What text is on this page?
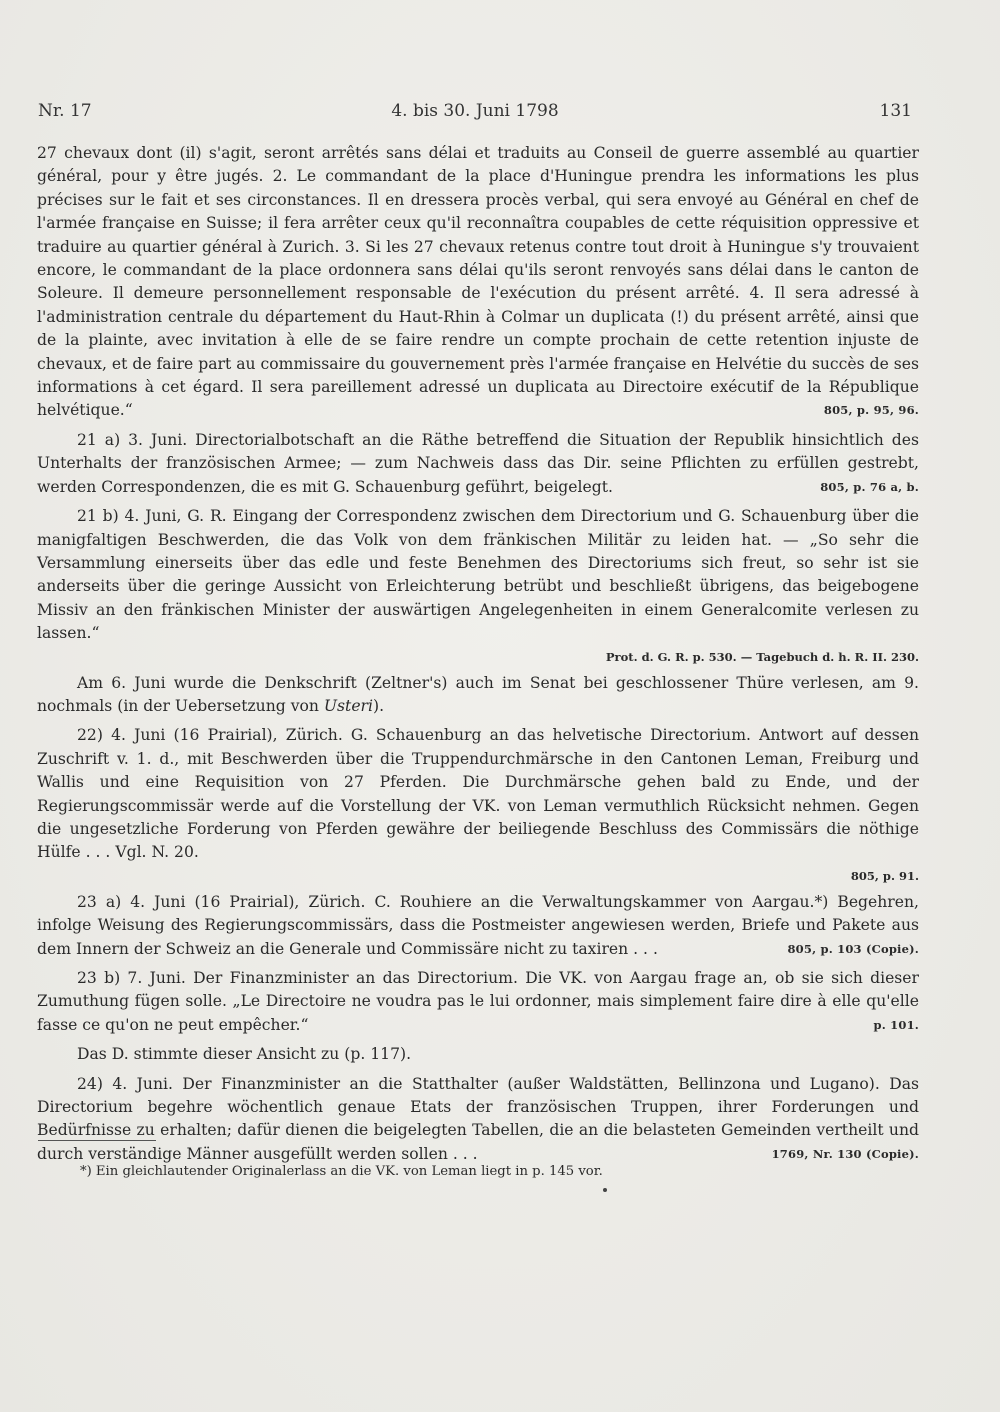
Nr. 17	4. bis 30. Juni 1798	131

27 chevaux dont (il) s'agit, seront arrêtés sans délai et traduits au Conseil de guerre assemblé au quartier général, pour y être jugés. 2. Le commandant de la place d'Huningue prendra les informations les plus précises sur le fait et ses circonstances. Il en dressera procès verbal, qui sera envoyé au Général en chef de l'armée française en Suisse; il fera arrêter ceux qu'il reconnaîtra coupables de cette réquisition oppressive et traduire au quartier général à Zurich. 3. Si les 27 chevaux retenus contre tout droit à Huningue s'y trouvaient encore, le commandant de la place ordonnera sans délai qu'ils seront renvoyés sans délai dans le canton de Soleure. Il demeure personnellement responsable de l'exécution du présent arrêté. 4. Il sera adressé à l'administration centrale du département du Haut-Rhin à Colmar un duplicata (!) du présent arrêté, ainsi que de la plainte, avec invitation à elle de se faire rendre un compte prochain de cette retention injuste de chevaux, et de faire part au commissaire du gouvernement près l'armée française en Helvétie du succès de ses informations à cet égard. Il sera pareillement adressé un duplicata au Directoire exécutif de la République helvétique.“	805, p. 95, 96.

21 a) 3. Juni. Directorialbotschaft an die Räthe betreffend die Situation der Republik hinsichtlich des Unterhalts der französischen Armee; — zum Nachweis dass das Dir. seine Pflichten zu erfüllen gestrebt, werden Correspondenzen, die es mit G. Schauenburg geführt, beigelegt.	805, p. 76 a, b.

21 b) 4. Juni, G. R. Eingang der Correspondenz zwischen dem Directorium und G. Schauenburg über die manigfaltigen Beschwerden, die das Volk von dem fränkischen Militär zu leiden hat. — „So sehr die Versammlung einerseits über das edle und feste Benehmen des Directoriums sich freut, so sehr ist sie anderseits über die geringe Aussicht von Erleichterung betrübt und beschließt übrigens, das beigebogene Missiv an den fränkischen Minister der auswärtigen Angelegenheiten in einem Generalcomite verlesen zu lassen.“

Prot. d. G. R. p. 530. — Tagebuch d. h. R. II. 230.

Am 6. Juni wurde die Denkschrift (Zeltner's) auch im Senat bei geschlossener Thüre verlesen, am 9. nochmals (in der Uebersetzung von Usteri).

22) 4. Juni (16 Prairial), Zürich. G. Schauenburg an das helvetische Directorium. Antwort auf dessen Zuschrift v. 1. d., mit Beschwerden über die Truppendurchmärsche in den Cantonen Leman, Freiburg und Wallis und eine Requisition von 27 Pferden. Die Durchmärsche gehen bald zu Ende, und der Regierungscommissär werde auf die Vorstellung der VK. von Leman vermuthlich Rücksicht nehmen. Gegen die ungesetzliche Forderung von Pferden gewähre der beiliegende Beschluss des Commissärs die nöthige Hülfe . . . Vgl. N. 20.

805, p. 91.

23 a) 4. Juni (16 Prairial), Zürich. C. Rouhiere an die Verwaltungskammer von Aargau.*) Begehren, infolge Weisung des Regierungscommissärs, dass die Postmeister angewiesen werden, Briefe und Pakete aus dem Innern der Schweiz an die Generale und Commissäre nicht zu taxiren . . .	805, p. 103 (Copie).

23 b) 7. Juni. Der Finanzminister an das Directorium. Die VK. von Aargau frage an, ob sie sich dieser Zumuthung fügen solle. „Le Directoire ne voudra pas le lui ordonner, mais simplement faire dire à elle qu'elle fasse ce qu'on ne peut empêcher.“	p. 101.

Das D. stimmte dieser Ansicht zu (p. 117).

24) 4. Juni. Der Finanzminister an die Statthalter (außer Waldstätten, Bellinzona und Lugano). Das Directorium begehre wöchentlich genaue Etats der französischen Truppen, ihrer Forderungen und Bedürfnisse zu erhalten; dafür dienen die beigelegten Tabellen, die an die belasteten Gemeinden vertheilt und durch verständige Männer ausgefüllt werden sollen . . .	1769, Nr. 130 (Copie).

*) Ein gleichlautender Originalerlass an die VK. von Leman liegt in p. 145 vor.
